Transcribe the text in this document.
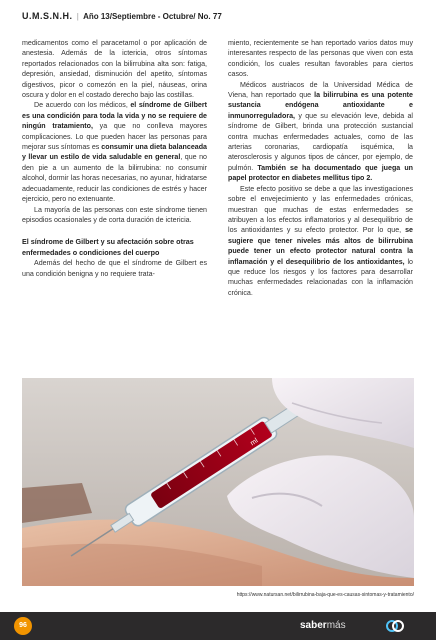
U.M.S.N.H. | Año 13/Septiembre - Octubre/ No. 77

medicamentos como el paracetamol o por aplicación de anestesia. Además de la ictericia, otros síntomas reportados relacionados con la bilirrubina alta son: fatiga, depresión, ansiedad, disminución del apetito, síntomas digestivos, picor o comezón en la piel, náuseas, orina oscura y dolor en el costado derecho bajo las costillas.

De acuerdo con los médicos, el síndrome de Gilbert es una condición para toda la vida y no se requiere de ningún tratamiento, ya que no conlleva mayores complicaciones. Lo que pueden hacer las personas para mejorar sus síntomas es consumir una dieta balanceada y llevar un estilo de vida saludable en general, que no den pie a un aumento de la bilirrubina: no consumir alcohol, dormir las horas necesarias, no ayunar, hidratarse adecuadamente, reducir las condiciones de estrés y hacer ejercicio, pero no extenuante.

La mayoría de las personas con este síndrome tienen episodios ocasionales y de corta duración de ictericia.

El síndrome de Gilbert y su afectación sobre otras enfermedades o condiciones del cuerpo

Además del hecho de que el síndrome de Gilbert es una condición benigna y no requiere trata-

miento, recientemente se han reportado varios datos muy interesantes respecto de las personas que viven con esta condición, los cuales resultan favorables para ciertos casos.

Médicos austriacos de la Universidad Médica de Viena, han reportado que la bilirrubina es una potente sustancia endógena antioxidante e inmunorreguladora, y que su elevación leve, debida al síndrome de Gilbert, brinda una protección sustancial contra muchas enfermedades actuales, como de las arterias coronarias, cardiopatía isquémica, la aterosclerosis y algunos tipos de cáncer, por ejemplo, de pulmón. También se ha documentado que juega un papel protector en diabetes mellitus tipo 2.

Este efecto positivo se debe a que las investigaciones sobre el envejecimiento y las enfermedades crónicas, muestran que muchas de estas enfermedades se atribuyen a los efectos inflamatorios y al desequilibrio de los antioxidantes y su efecto protector. Por lo que, se sugiere que tener niveles más altos de bilirrubina puede tener un efecto protector natural contra la inflamación y el desequilibrio de los antioxidantes, lo que reduce los riesgos y los factores para desarrollar muchas enfermedades relacionadas con la inflamación crónica.

ml
https://www.natursan.net/bilirrubina-baja-que-es-causas-sintomas-y-tratamiento/
96	sabermás
